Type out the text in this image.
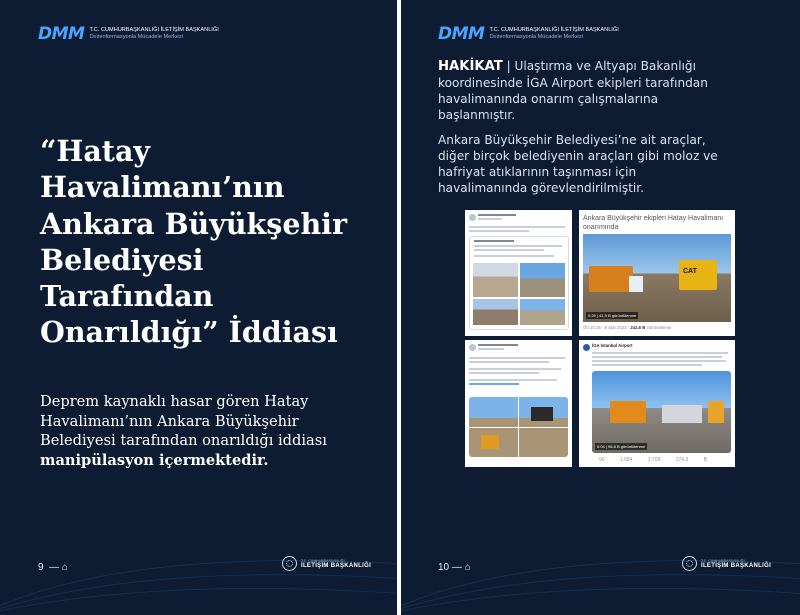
DMM T.C. CUMHURBAŞKANLIĞI İLETİŞİM BAŞKANLIĞI
Dezenformasyonla Mücadele Merkezi
“Hatay Havalimanı’nın Ankara Büyükşehir Belediyesi Tarafından Onarıldığı” İddiası

Deprem kaynaklı hasar gören Hatay Havalimanı’nın Ankara Büyükşehir Belediyesi tarafından onarıldığı iddiası manipülasyon içermektedir.

9  — ⌂
T.C. CUMHURBAŞKANLIĞI
İLETİŞİM BAŞKANLIĞI
DMM T.C. CUMHURBAŞKANLIĞI İLETİŞİM BAŞKANLIĞI
Dezenformasyonla Mücadele Merkezi

HAKİKAT | Ulaştırma ve Altyapı Bakanlığı koordinesinde İGA Airport ekipleri tarafından havalimanında onarım çalışmalarına başlanmıştır.

Ankara Büyükşehir Belediyesi’ne ait araçlar, diğer birçok belediyenin araçları gibi moloz ve hafriyat atıklarının taşınması için havalimanında görevlendirilmiştir.

Ankara Büyükşehir ekipleri Hatay Havalimanı onarımında
CAT
0:29 | 41,9 B görüntülenme
Öö 10:16 · 8 Şub 2023 · 242,6 B Görüntüleme
İGA İstanbul Airport
0:04 | 98,8 B görüntülenme
90 1.084 3.709 374,9 B
10 — ⌂
T.C. CUMHURBAŞKANLIĞI
İLETİŞİM BAŞKANLIĞI
